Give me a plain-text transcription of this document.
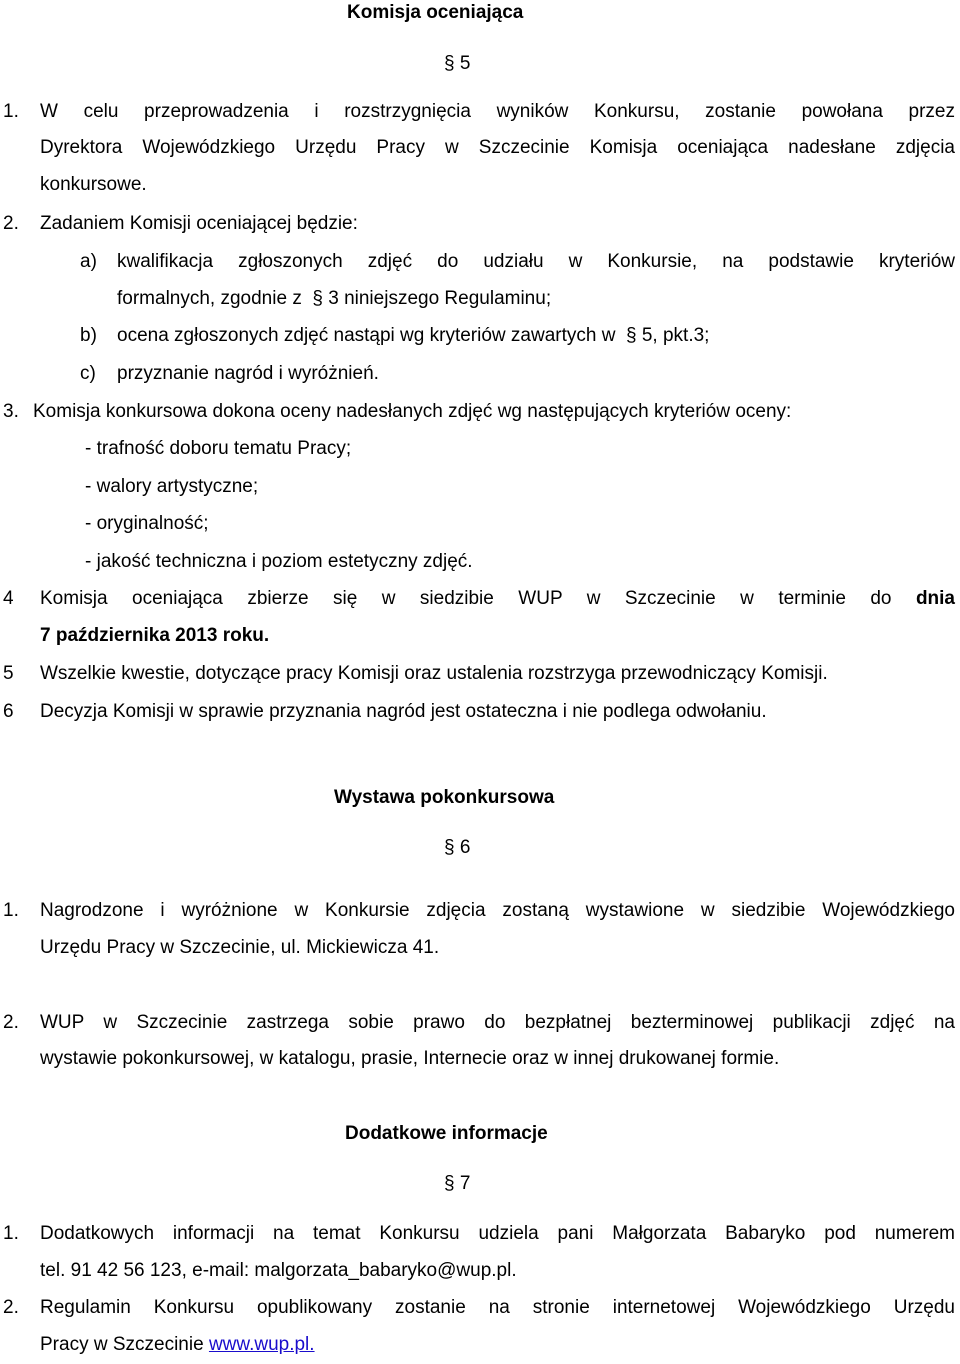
Komisja oceniająca
§ 5
1. W celu przeprowadzenia i rozstrzygnięcia wyników Konkursu, zostanie powołana przez
Dyrektora Wojewódzkiego Urzędu Pracy w Szczecinie Komisja oceniająca nadesłane zdjęcia
konkursowe.
2. Zadaniem Komisji oceniającej będzie:
a) kwalifikacja zgłoszonych zdjęć do udziału w Konkursie, na podstawie kryteriów
formalnych, zgodnie z  § 3 niniejszego Regulaminu;
b) ocena zgłoszonych zdjęć nastąpi wg kryteriów zawartych w  § 5, pkt.3;
c) przyznanie nagród i wyróżnień.
3. Komisja konkursowa dokona oceny nadesłanych zdjęć wg następujących kryteriów oceny:
- trafność doboru tematu Pracy;
- walory artystyczne;
- oryginalność;
- jakość techniczna i poziom estetyczny zdjęć.
4 Komisja oceniająca zbierze się w siedzibie WUP w Szczecinie w terminie do dnia
7 października 2013 roku.
5 Wszelkie kwestie, dotyczące pracy Komisji oraz ustalenia rozstrzyga przewodniczący Komisji.
6 Decyzja Komisji w sprawie przyznania nagród jest ostateczna i nie podlega odwołaniu.
Wystawa pokonkursowa
§ 6
1. Nagrodzone i wyróżnione w Konkursie zdjęcia zostaną wystawione w siedzibie Wojewódzkiego
Urzędu Pracy w Szczecinie, ul. Mickiewicza 41.
2. WUP w Szczecinie zastrzega sobie prawo do bezpłatnej bezterminowej publikacji zdjęć na
wystawie pokonkursowej, w katalogu, prasie, Internecie oraz w innej drukowanej formie.
Dodatkowe informacje
§ 7
1. Dodatkowych informacji na temat Konkursu udziela pani Małgorzata Babaryko pod numerem
tel. 91 42 56 123, e-mail: malgorzata_babaryko@wup.pl.
2. Regulamin Konkursu opublikowany zostanie na stronie internetowej Wojewódzkiego Urzędu
Pracy w Szczecinie www.wup.pl.
